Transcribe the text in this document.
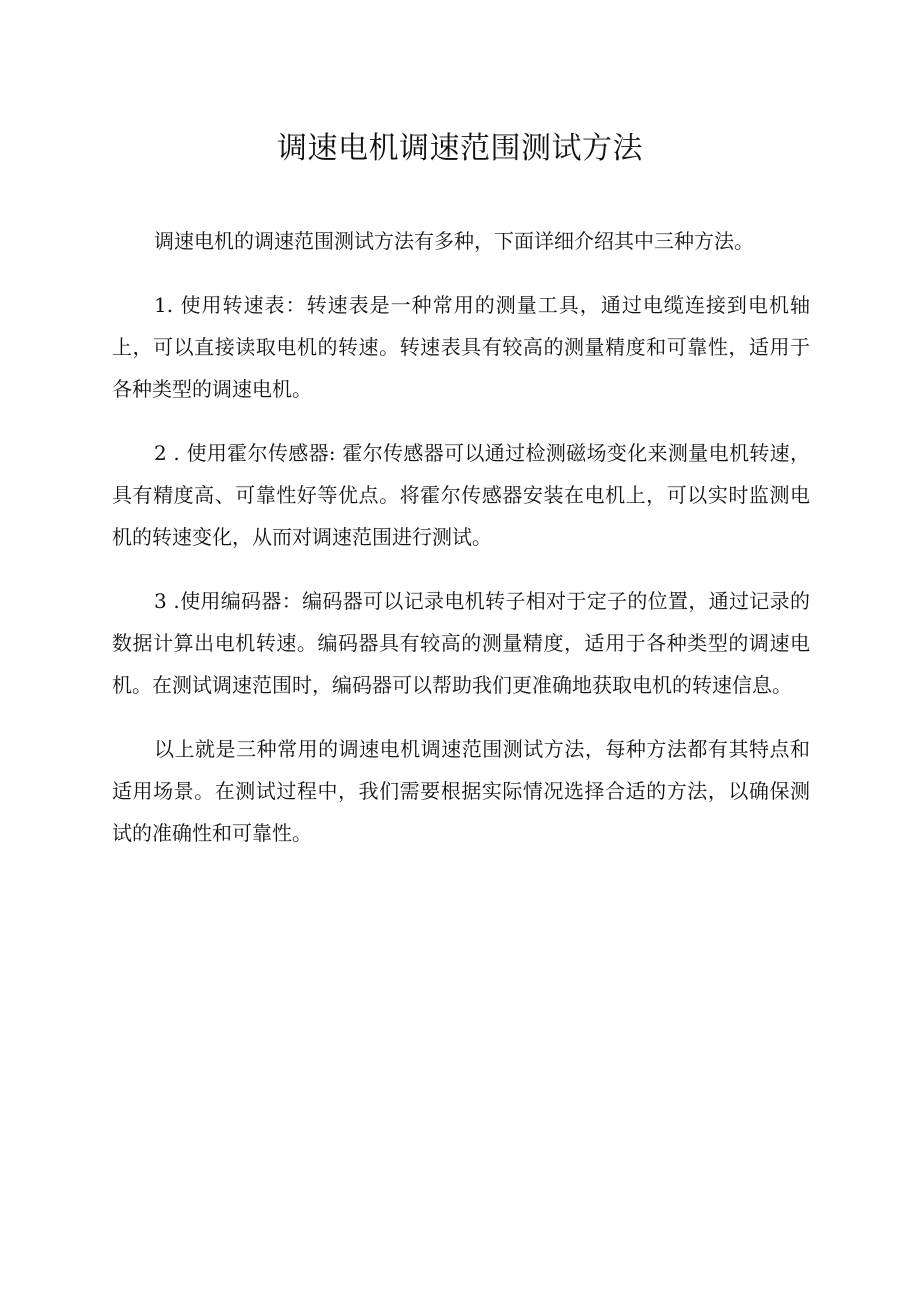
调速电机调速范围测试方法

调速电机的调速范围测试方法有多种，下面详细介绍其中三种方法。

1. 使用转速表：转速表是一种常用的测量工具，通过电缆连接到电机轴上，可以直接读取电机的转速。转速表具有较高的测量精度和可靠性，适用于各种类型的调速电机。

2 . 使用霍尔传感器: 霍尔传感器可以通过检测磁场变化来测量电机转速，具有精度高、可靠性好等优点。将霍尔传感器安装在电机上，可以实时监测电机的转速变化，从而对调速范围进行测试。

3 .使用编码器：编码器可以记录电机转子相对于定子的位置，通过记录的数据计算出电机转速。编码器具有较高的测量精度，适用于各种类型的调速电机。在测试调速范围时，编码器可以帮助我们更准确地获取电机的转速信息。

以上就是三种常用的调速电机调速范围测试方法，每种方法都有其特点和适用场景。在测试过程中，我们需要根据实际情况选择合适的方法，以确保测试的准确性和可靠性。
